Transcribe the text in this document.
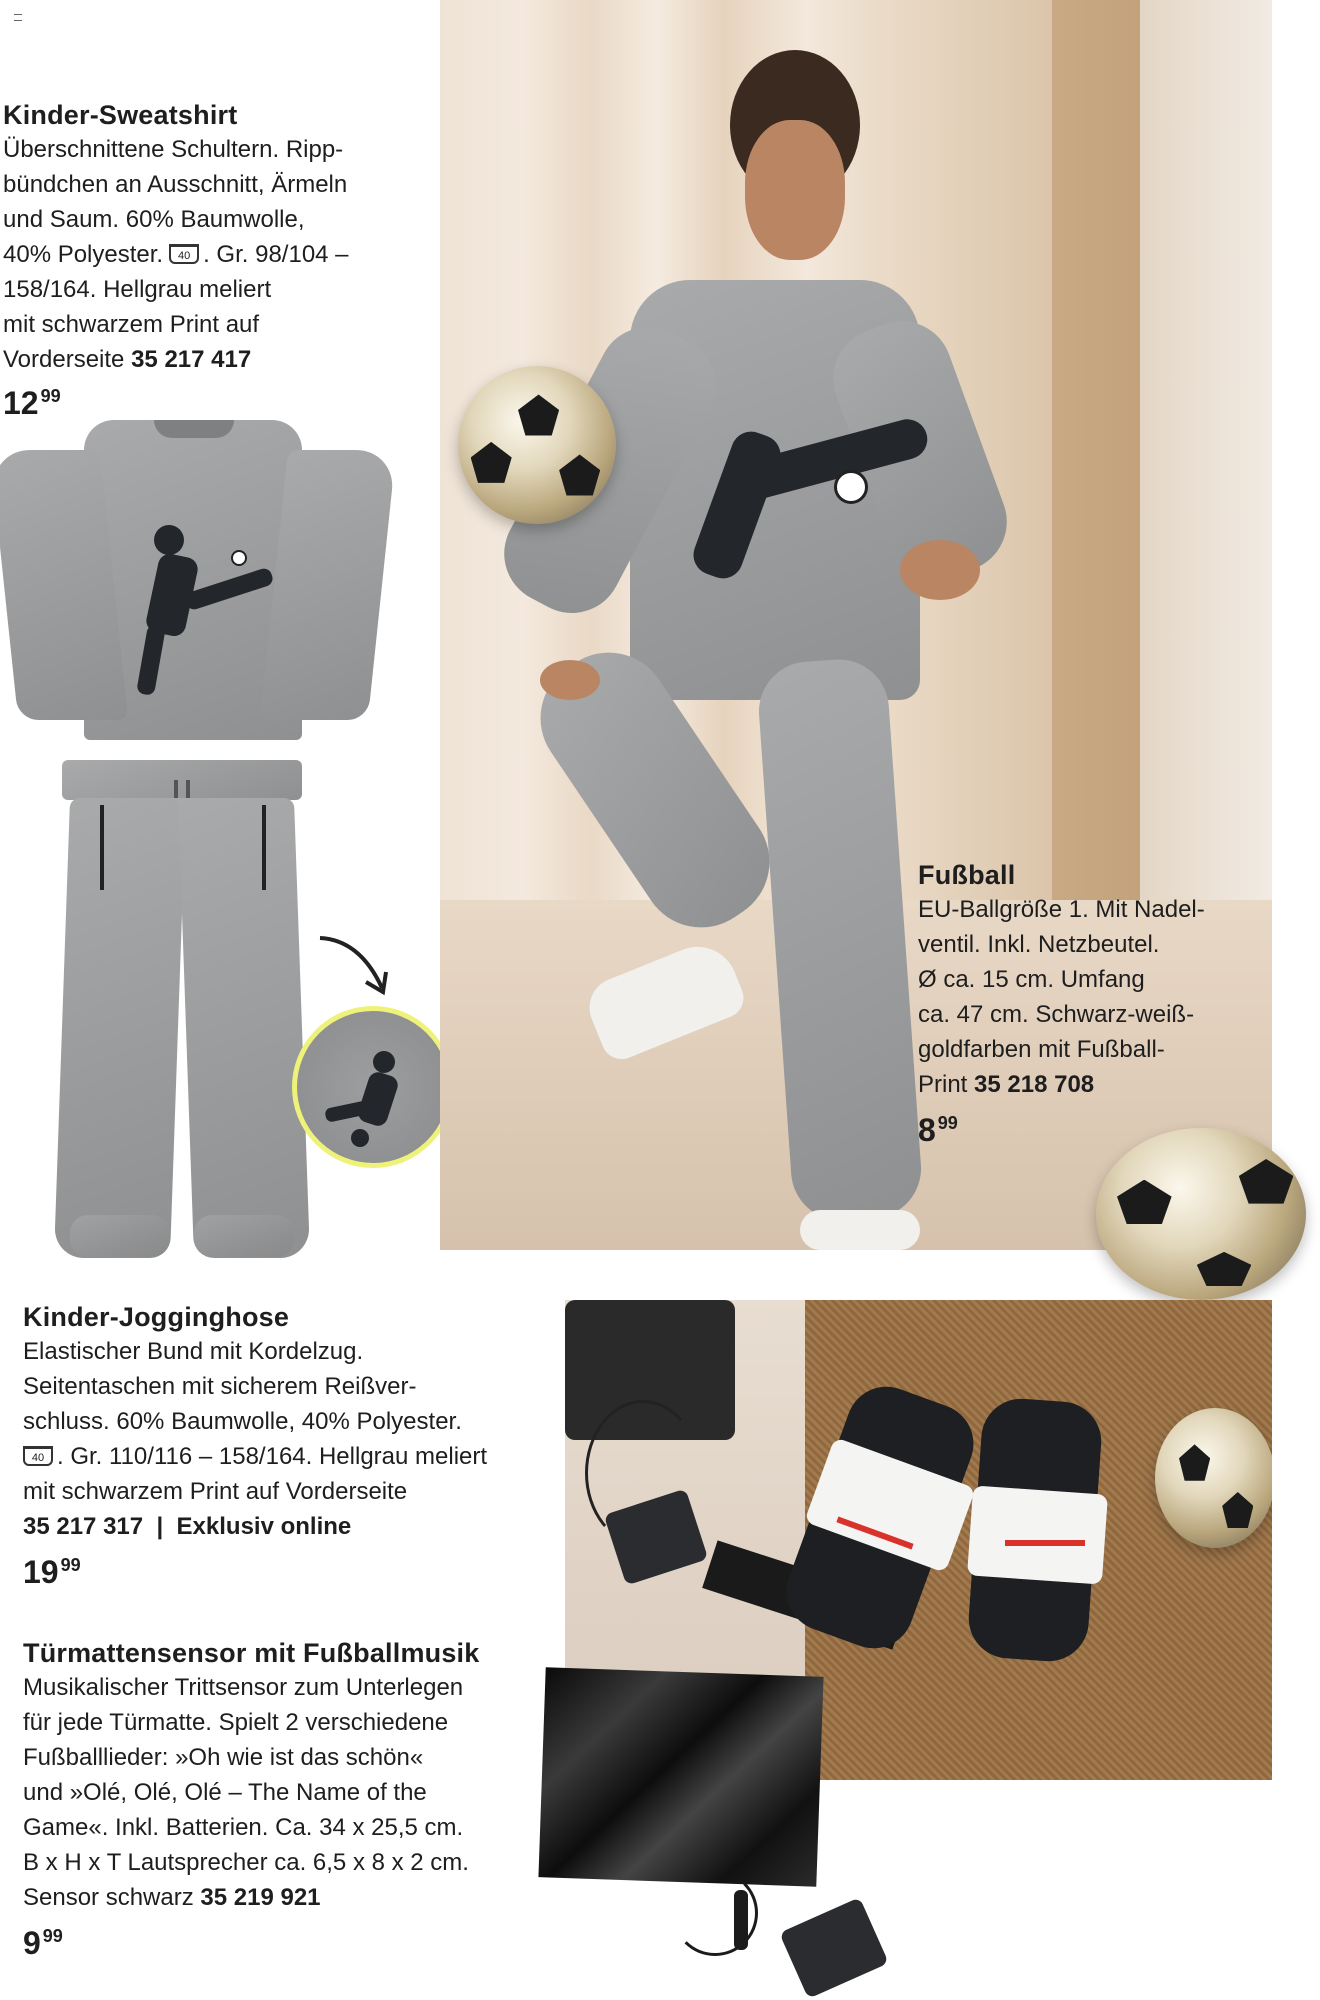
Kinder-Sweatshirt
Überschnittene Schultern. Ripp-
bündchen an Ausschnitt, Ärmeln
und Saum. 60% Baumwolle,
40% Polyester. 40 . Gr. 98/104 –
158/164. Hellgrau meliert
mit schwarzem Print auf
Vorderseite 35 217 417
12 $^{99}$
Kinder-Jogginghose
Elastischer Bund mit Kordelzug.
Seitentaschen mit sicherem Reißver-
schluss. 60% Baumwolle, 40% Polyester.
40 . Gr. 110/116 – 158/164. Hellgrau meliert
mit schwarzem Print auf Vorderseite
35 217 317 | Exklusiv online
19 $^{99}$
Fußball
EU-Ballgröße 1. Mit Nadel-
ventil. Inkl. Netzbeutel.
Ø ca. 15 cm. Umfang
ca. 47 cm. Schwarz-weiß-
goldfarben mit Fußball-
Print 35 218 708
8 $^{99}$
Türmattensensor mit Fußballmusik
Musikalischer Trittsensor zum Unterlegen
für jede Türmatte. Spielt 2 verschiedene
Fußballlieder: »Oh wie ist das schön«
und »Olé, Olé, Olé – The Name of the
Game«. Inkl. Batterien. Ca. 34 x 25,5 cm.
B x H x T Lautsprecher ca. 6,5 x 8 x 2 cm.
Sensor schwarz 35 219 921
9 $^{99}$
